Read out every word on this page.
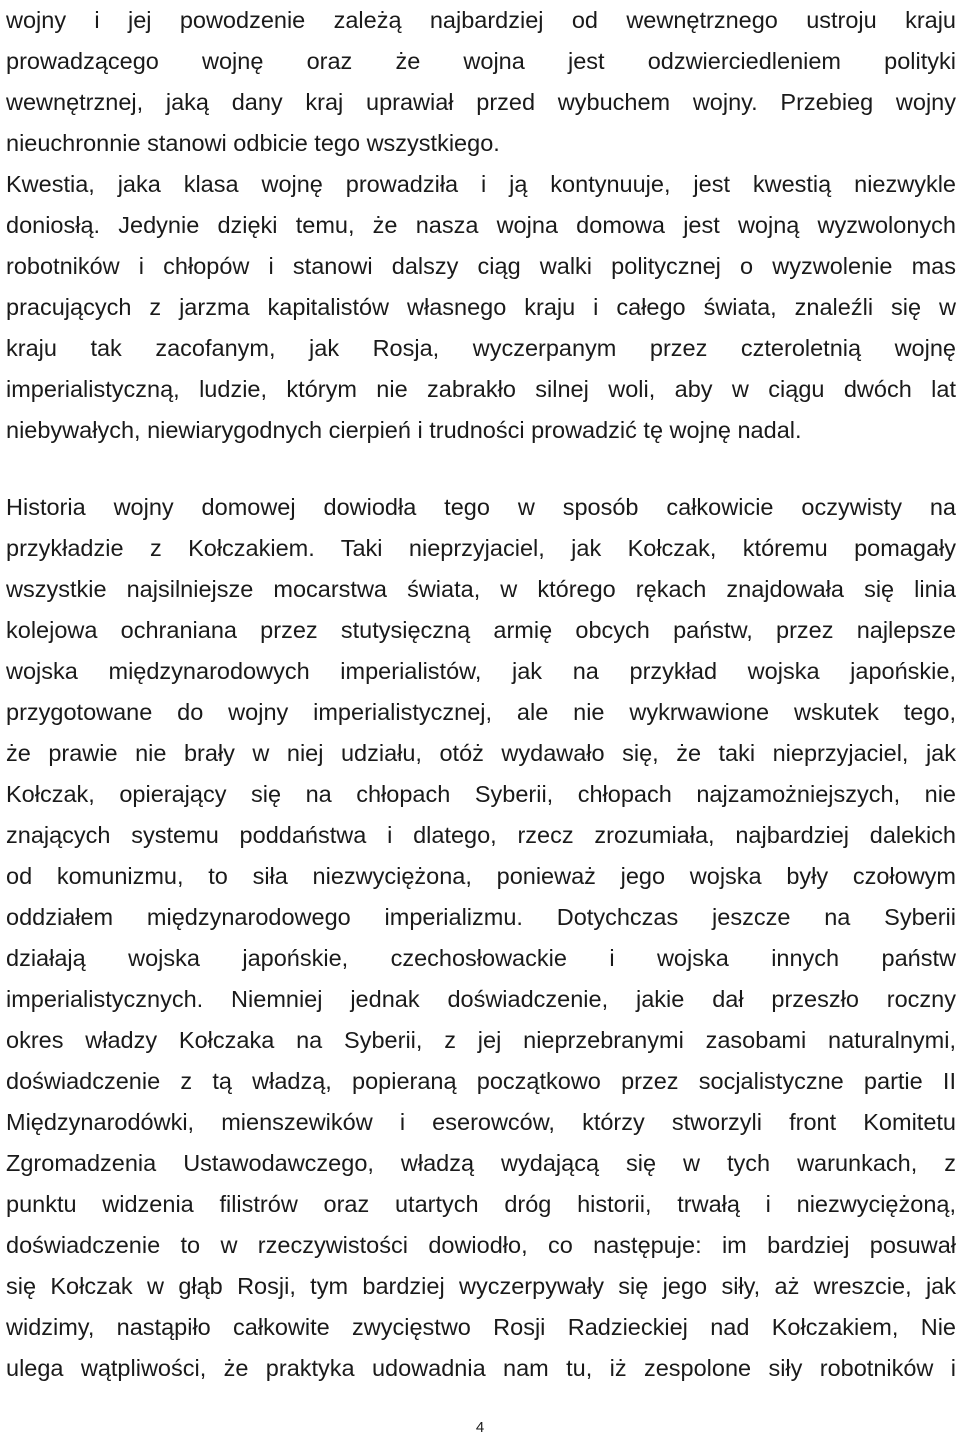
wojny i jej powodzenie zależą najbardziej od wewnętrznego ustroju kraju
prowadzącego wojnę oraz że wojna jest odzwierciedleniem polityki
wewnętrznej, jaką dany kraj uprawiał przed wybuchem wojny. Przebieg wojny
nieuchronnie stanowi odbicie tego wszystkiego.
Kwestia, jaka klasa wojnę prowadziła i ją kontynuuje, jest kwestią niezwykle
doniosłą. Jedynie dzięki temu, że nasza wojna domowa jest wojną wyzwolonych
robotników i chłopów i stanowi dalszy ciąg walki politycznej o wyzwolenie mas
pracujących z jarzma kapitalistów własnego kraju i całego świata, znaleźli się w
kraju tak zacofanym, jak Rosja, wyczerpanym przez czteroletnią wojnę
imperialistyczną, ludzie, którym nie zabrakło silnej woli, aby w ciągu dwóch lat
niebywałych, niewiarygodnych cierpień i trudności prowadzić tę wojnę nadal.
Historia wojny domowej dowiodła tego w sposób całkowicie oczywisty na
przykładzie z Kołczakiem. Taki nieprzyjaciel, jak Kołczak, któremu pomagały
wszystkie najsilniejsze mocarstwa świata, w którego rękach znajdowała się linia
kolejowa ochraniana przez stutysięczną armię obcych państw, przez najlepsze
wojska międzynarodowych imperialistów, jak na przykład wojska japońskie,
przygotowane do wojny imperialistycznej, ale nie wykrwawione wskutek tego,
że prawie nie brały w niej udziału, otóż wydawało się, że taki nieprzyjaciel, jak
Kołczak, opierający się na chłopach Syberii, chłopach najzamożniejszych, nie
znających systemu poddaństwa i dlatego, rzecz zrozumiała, najbardziej dalekich
od komunizmu, to siła niezwyciężona, ponieważ jego wojska były czołowym
oddziałem międzynarodowego imperializmu. Dotychczas jeszcze na Syberii
działają wojska japońskie, czechosłowackie i wojska innych państw
imperialistycznych. Niemniej jednak doświadczenie, jakie dał przeszło roczny
okres władzy Kołczaka na Syberii, z jej nieprzebranymi zasobami naturalnymi,
doświadczenie z tą władzą, popieraną początkowo przez socjalistyczne partie II
Międzynarodówki, mienszewików i eserowców, którzy stworzyli front Komitetu
Zgromadzenia Ustawodawczego, władzą wydającą się w tych warunkach, z
punktu widzenia filistrów oraz utartych dróg historii, trwałą i niezwyciężoną,
doświadczenie to w rzeczywistości dowiodło, co następuje: im bardziej posuwał
się Kołczak w głąb Rosji, tym bardziej wyczerpywały się jego siły, aż wreszcie, jak
widzimy, nastąpiło całkowite zwycięstwo Rosji Radzieckiej nad Kołczakiem, Nie
ulega wątpliwości, że praktyka udowadnia nam tu, iż zespolone siły robotników i
4
